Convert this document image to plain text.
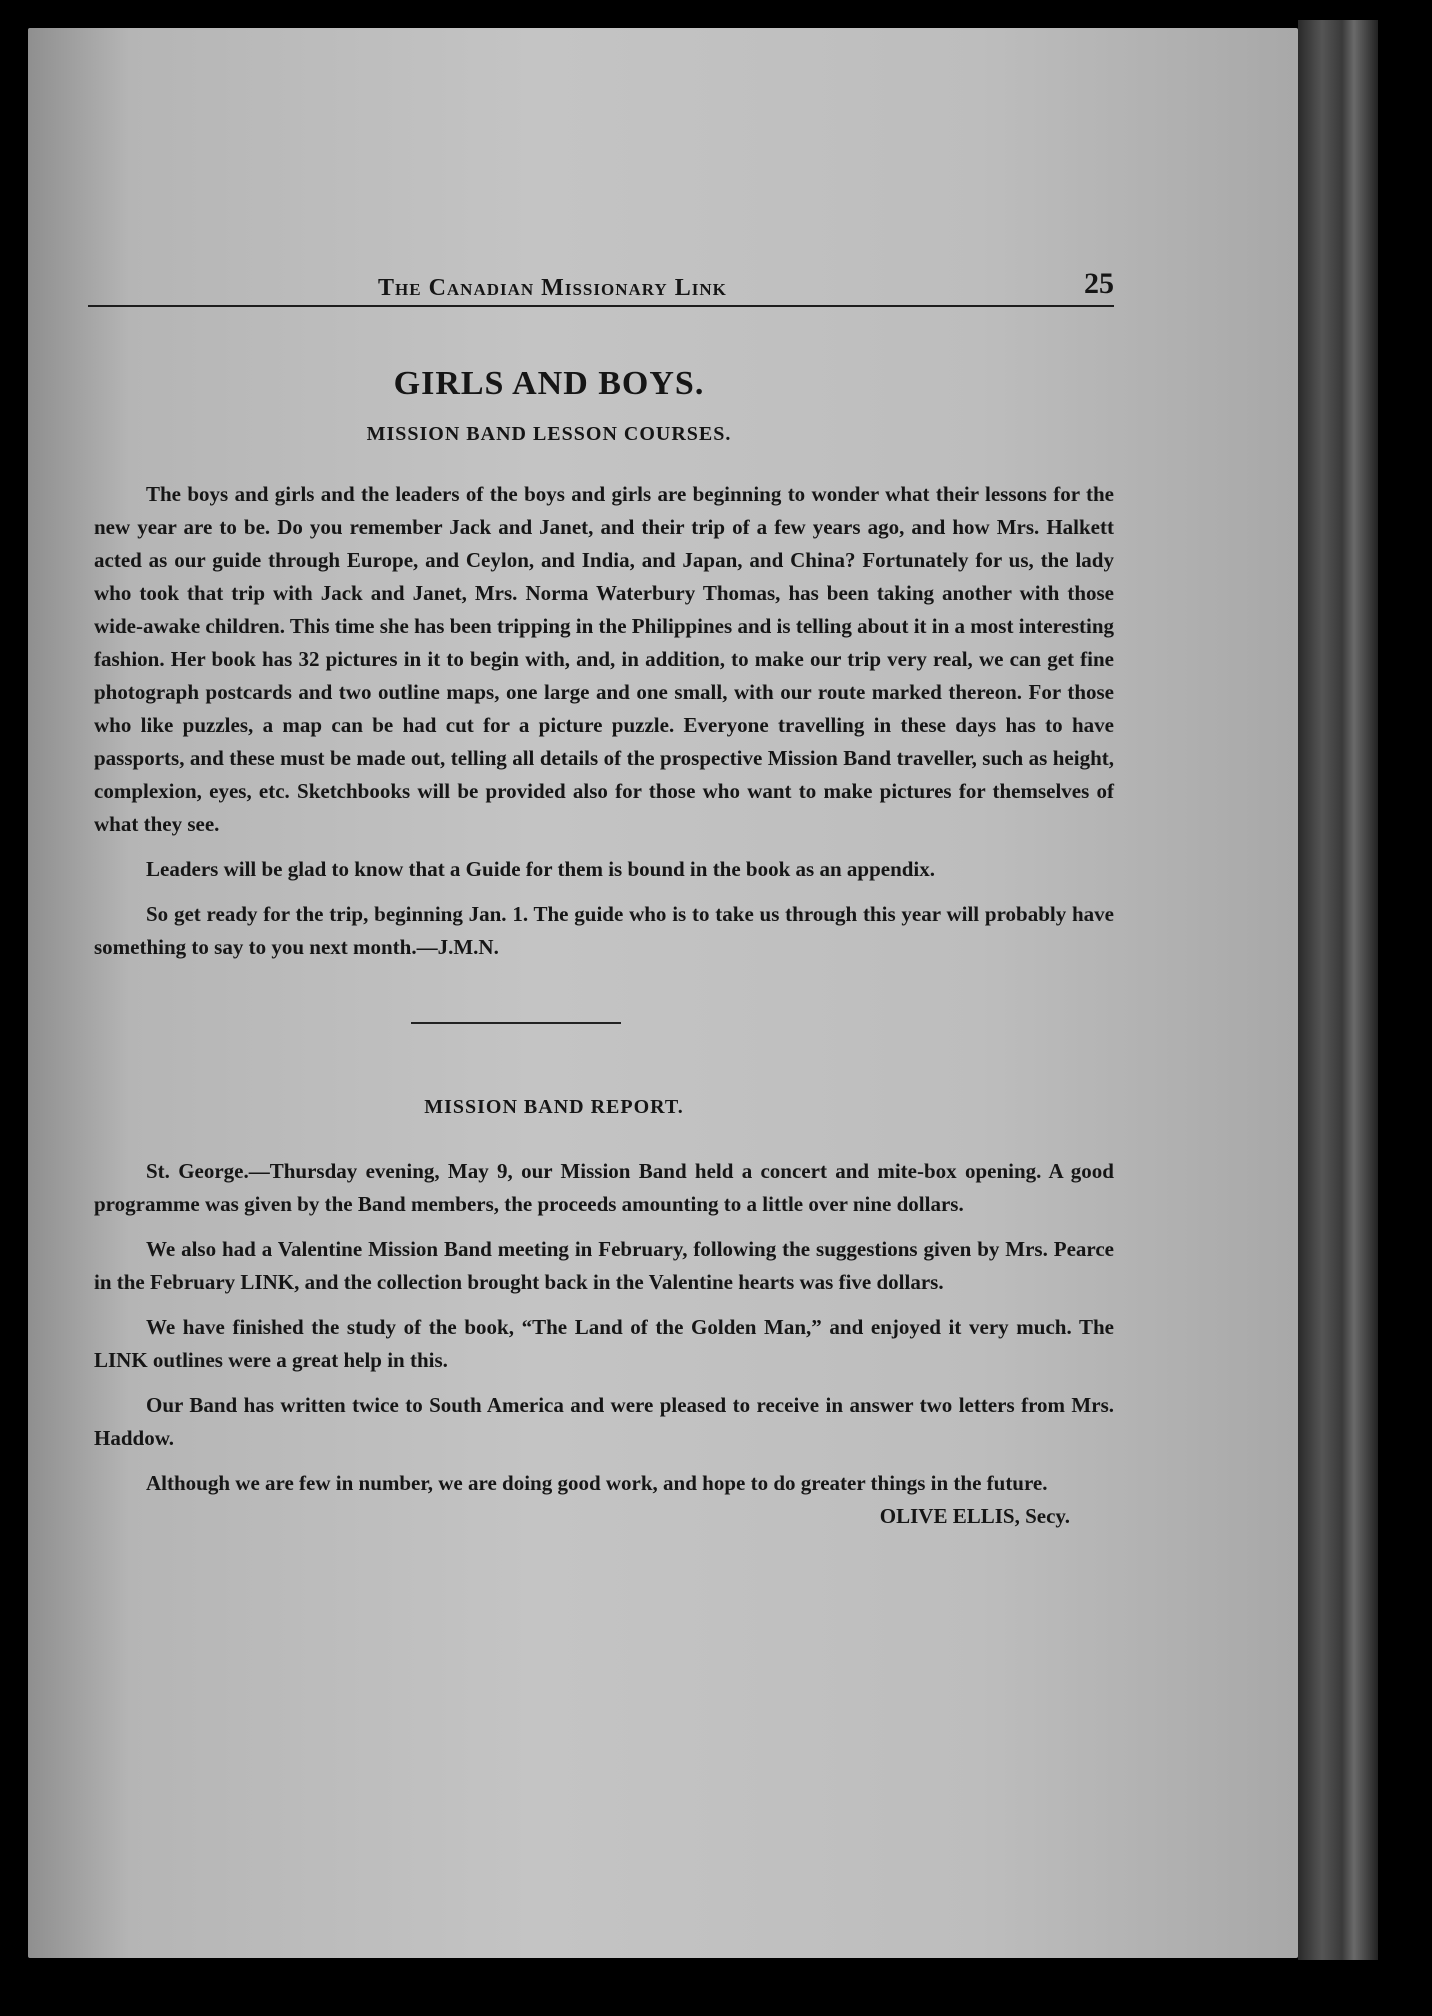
The Canadian Missionary Link	25
GIRLS AND BOYS.
MISSION BAND LESSON COURSES.

The boys and girls and the leaders of the boys and girls are beginning to wonder what their lessons for the new year are to be. Do you remember Jack and Janet, and their trip of a few years ago, and how Mrs. Halkett acted as our guide through Europe, and Ceylon, and India, and Japan, and China? Fortunately for us, the lady who took that trip with Jack and Janet, Mrs. Norma Waterbury Thomas, has been taking another with those wide-awake children. This time she has been tripping in the Philippines and is telling about it in a most interesting fashion. Her book has 32 pictures in it to begin with, and, in addition, to make our trip very real, we can get fine photograph postcards and two outline maps, one large and one small, with our route marked thereon. For those who like puzzles, a map can be had cut for a picture puzzle. Everyone travelling in these days has to have passports, and these must be made out, telling all details of the prospective Mission Band traveller, such as height, complexion, eyes, etc. Sketchbooks will be provided also for those who want to make pictures for themselves of what they see.

Leaders will be glad to know that a Guide for them is bound in the book as an appendix.

So get ready for the trip, beginning Jan. 1. The guide who is to take us through this year will probably have something to say to you next month.—J.M.N.

MISSION BAND REPORT.

St. George.—Thursday evening, May 9, our Mission Band held a concert and mite-box opening. A good programme was given by the Band members, the proceeds amounting to a little over nine dollars.

We also had a Valentine Mission Band meeting in February, following the suggestions given by Mrs. Pearce in the February LINK, and the collection brought back in the Valentine hearts was five dollars.

We have finished the study of the book, “The Land of the Golden Man,” and enjoyed it very much. The LINK outlines were a great help in this.

Our Band has written twice to South America and were pleased to receive in answer two letters from Mrs. Haddow.

Although we are few in number, we are doing good work, and hope to do greater things in the future.
OLIVE ELLIS, Secy.
